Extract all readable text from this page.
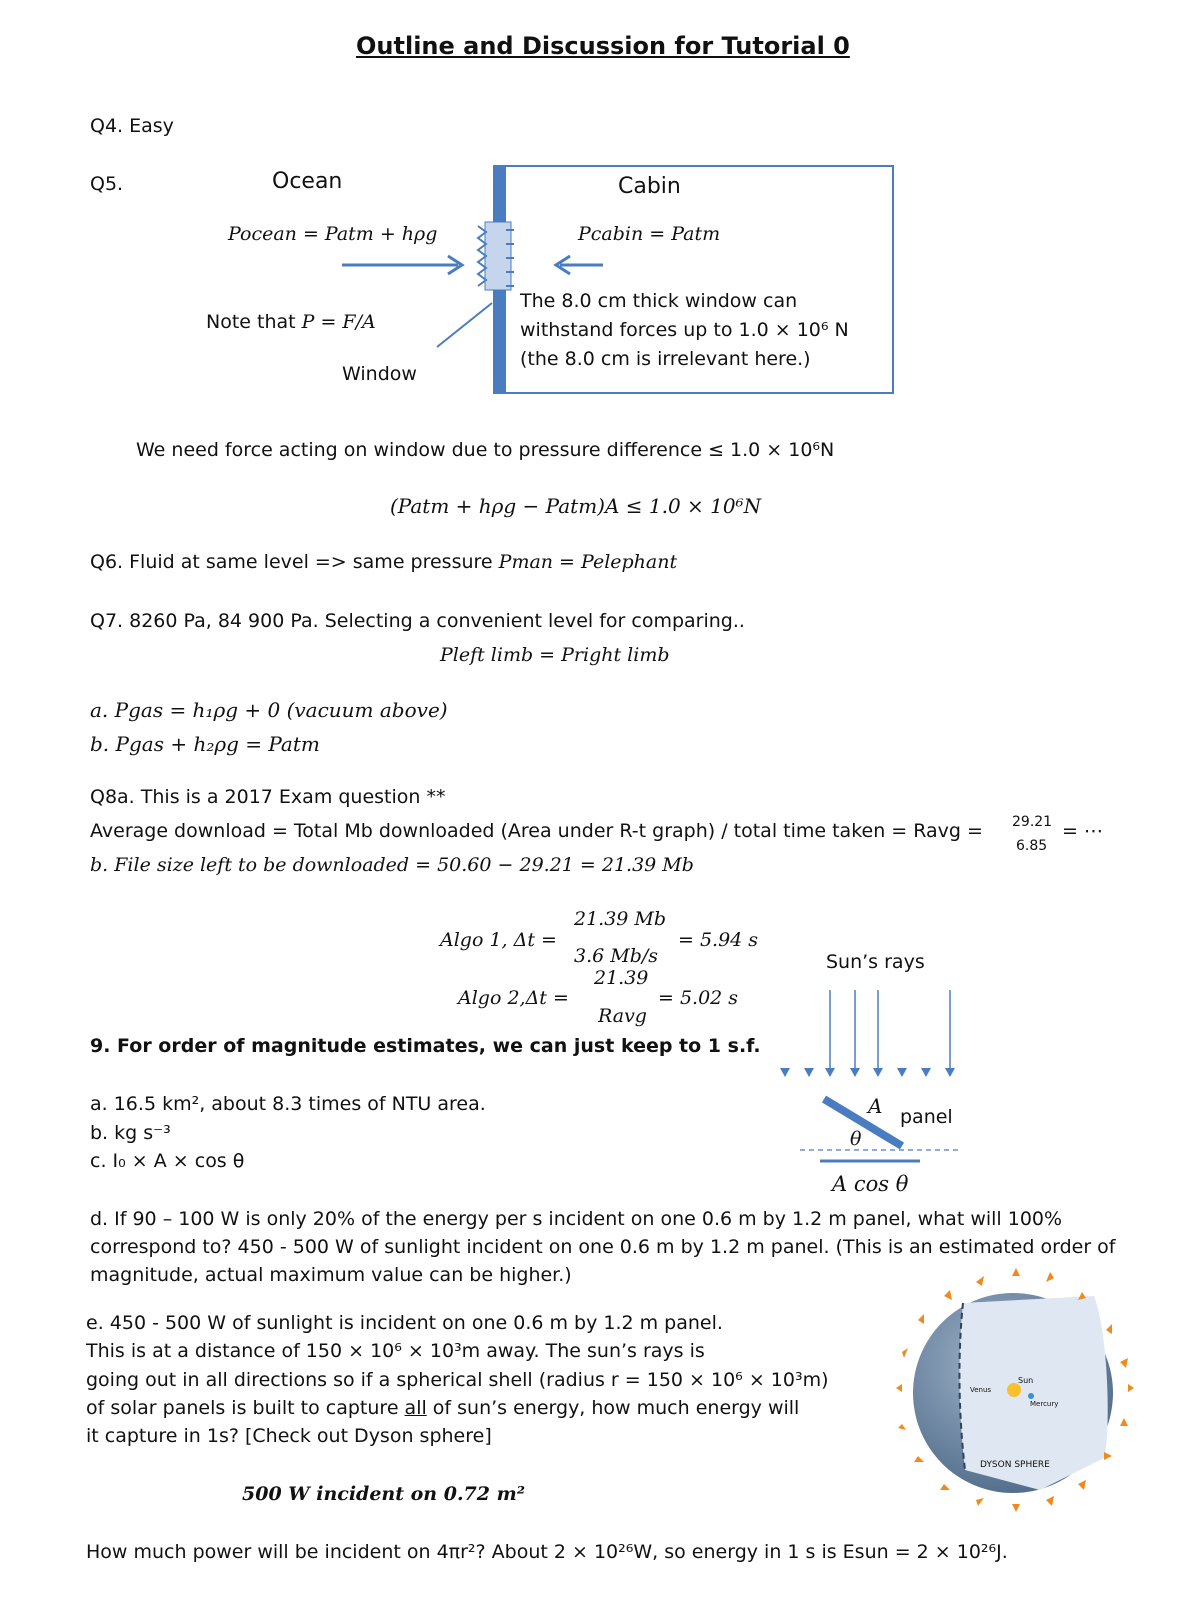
Outline and Discussion for Tutorial 0
Q4. Easy
Q5.	Ocean	Cabin
Pocean = Patm + hρg	Pcabin = Patm
Note that P = F/A
Window
The 8.0 cm thick window can
withstand forces up to 1.0 × 10⁶ N
(the 8.0 cm is irrelevant here.)
We need force acting on window due to pressure difference ≤ 1.0 × 10⁶N
(Patm + hρg − Patm)A ≤ 1.0 × 10⁶N
Q6. Fluid at same level => same pressure Pman = Pelephant
Q7. 8260 Pa, 84 900 Pa. Selecting a convenient level for comparing..
Pleft limb = Pright limb
a. Pgas = h₁ρg + 0 (vacuum above)
b. Pgas + h₂ρg = Patm
Q8a. This is a 2017 Exam question **
Average download = Total Mb downloaded (Area under R-t graph) / total time taken = Ravg = 29.21
6.85
= ⋯
b. File size left to be downloaded = 50.60 − 29.21 = 21.39 Mb
Algo 1, Δt =
21.39 Mb
3.6 Mb/s
= 5.94 s
Algo 2,Δt =
21.39
Ravg
= 5.02 s
9. For order of magnitude estimates, we can just keep to 1 s.f.
a. 16.5 km², about 8.3 times of NTU area.
b. kg s⁻³
c. I₀ × A × cos θ
d. If 90 – 100 W is only 20% of the energy per s incident on one 0.6 m by 1.2 m panel, what will 100%
correspond to? 450 - 500 W of sunlight incident on one 0.6 m by 1.2 m panel. (This is an estimated order of
magnitude, actual maximum value can be higher.)
e. 450 - 500 W of sunlight is incident on one 0.6 m by 1.2 m panel.
This is at a distance of 150 × 10⁶ × 10³m away. The sun’s rays is
going out in all directions so if a spherical shell (radius r = 150 × 10⁶ × 10³m)
of solar panels is built to capture all of sun’s energy, how much energy will
it capture in 1s? [Check out Dyson sphere]
500 W incident on 0.72 m²
How much power will be incident on 4πr²? About 2 × 10²⁶W, so energy in 1 s is Esun = 2 × 10²⁶J.
Sun’s rays
A panel
θ
A cos θ
DYSON SPHERE
Sun
Venus
Mercury
